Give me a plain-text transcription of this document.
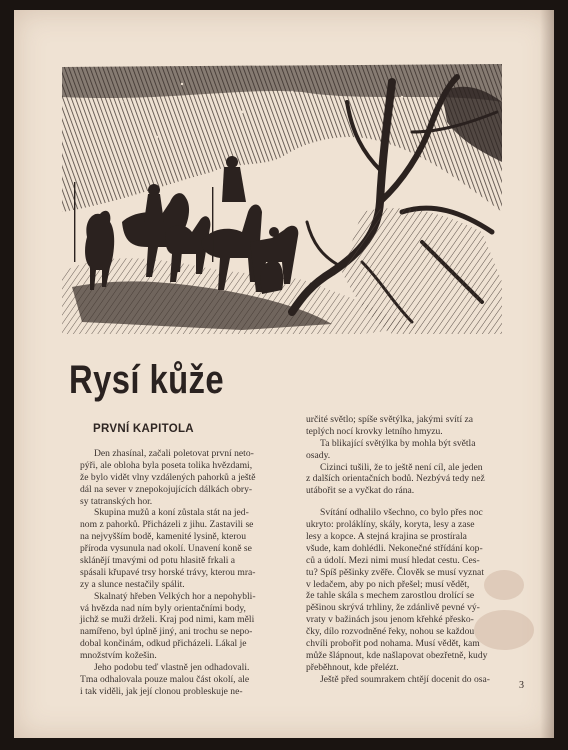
Rysí kůže
PRVNÍ KAPITOLA
Den zhasínal, začali poletovat první neto-
pýři, ale obloha byla poseta tolika hvězdami,
že bylo vidět vlny vzdálených pahorků a ještě
dál na sever v znepokojujících dálkách obry-
sy tatranských hor.
Skupina mužů a koní zůstala stát na jed-
nom z pahorků. Přicházeli z jihu. Zastavili se
na nejvyšším bodě, kamenité lysině, kterou
příroda vysunula nad okolí. Unavení koně se
sklánějí tmavými od potu hlasitě frkali a
spásali křupavé trsy horské trávy, kterou mra-
zy a slunce nestačily spálit.
Skalnatý hřeben Velkých hor a nepohybli-
vá hvězda nad ním byly orientačními body,
jichž se muži drželi. Kraj pod nimi, kam měli
namířeno, byl úplně jiný, ani trochu se nepo-
dobal končinám, odkud přicházeli. Lákal je
množstvím kožešin.
Jeho podobu teď vlastně jen odhadovali.
Tma odhalovala pouze malou část okolí, ale
i tak viděli, jak její clonou probleskuje ne-
určité světlo; spíše světýlka, jakými svítí za
teplých nocí krovky letního hmyzu.
Ta blikající světýlka by mohla být světla
osady.
Cizinci tušili, že to ještě není cíl, ale jeden
z dalších orientačních bodů. Nezbývá tedy než
utábořit se a vyčkat do rána.
Svítání odhalilo všechno, co bylo přes noc
ukryto: proláklíny, skály, koryta, lesy a zase
lesy a kopce. A stejná krajina se prostírala
všude, kam dohlédli. Nekonečné střídání kop-
ců a údolí. Mezi nimi musí hledat cestu. Ces-
tu? Spíš pěšinky zvěře. Člověk se musí vyznat
v ledačem, aby po nich přešel; musí vědět,
že tahle skála s mechem zarostlou drolící se
pěšinou skrývá trhliny, že zdánlivě pevné vý-
vraty v bažinách jsou jenom křehké přesko-
čky, dílo rozvodněné řeky, nohou se každou
chvíli probořit pod nohama. Musí vědět, kam
může šlápnout, kde našlapovat obezřetně, kudy
přeběhnout, kde přelézt.
Ještě před soumrakem chtějí docenit do osa-
3
